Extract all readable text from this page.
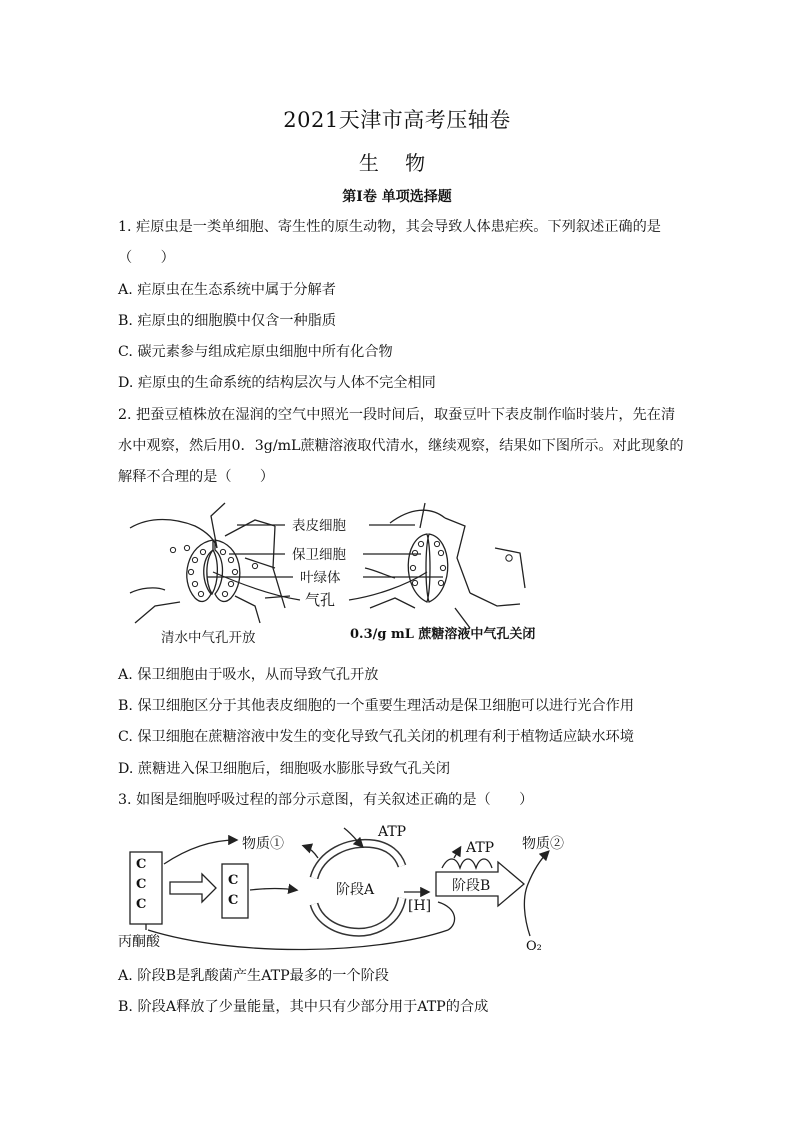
2021天津市高考压轴卷
生 物
第Ⅰ卷 单项选择题
1. 疟原虫是一类单细胞、寄生性的原生动物，其会导致人体患疟疾。下列叙述正确的是
（　　）
A. 疟原虫在生态系统中属于分解者
B. 疟原虫的细胞膜中仅含一种脂质
C. 碳元素参与组成疟原虫细胞中所有化合物
D. 疟原虫的生命系统的结构层次与人体不完全相同
2. 把蚕豆植株放在湿润的空气中照光一段时间后，取蚕豆叶下表皮制作临时装片，先在清
水中观察，然后用0．3g/mL蔗糖溶液取代清水，继续观察，结果如下图所示。对此现象的
解释不合理的是（　　）
表皮细胞
保卫细胞
叶绿体
气孔
清水中气孔开放	0.3/g mL 蔗糖溶液中气孔关闭
A. 保卫细胞由于吸水，从而导致气孔开放
B. 保卫细胞区分于其他表皮细胞的一个重要生理活动是保卫细胞可以进行光合作用
C. 保卫细胞在蔗糖溶液中发生的变化导致气孔关闭的机理有利于植物适应缺水环境
D. 蔗糖进入保卫细胞后，细胞吸水膨胀导致气孔关闭
3. 如图是细胞呼吸过程的部分示意图，有关叙述正确的是（　　）
C
C
C
C
C
丙酮酸
物质①
ATP
阶段A
[H]
ATP
阶段B
物质②
O₂
A. 阶段B是乳酸菌产生ATP最多的一个阶段
B. 阶段A释放了少量能量，其中只有少部分用于ATP的合成
